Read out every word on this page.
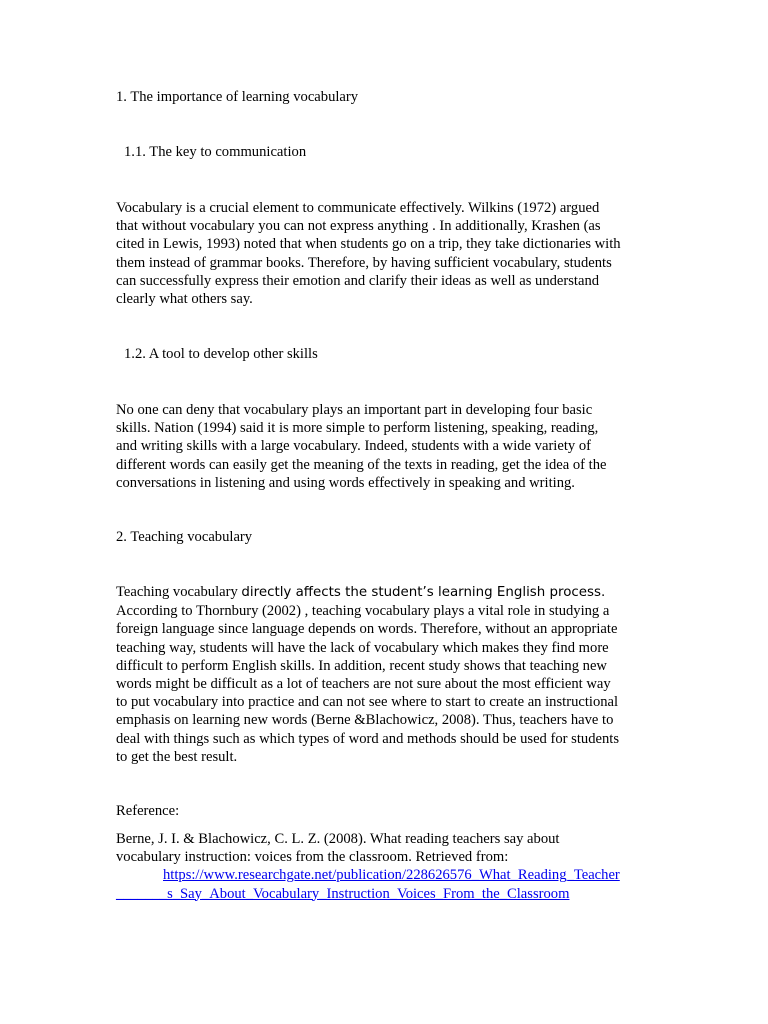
1. The importance of learning vocabulary

1.1. The key to communication

Vocabulary is a crucial element to communicate effectively. Wilkins (1972) argued
that without vocabulary you can not express anything . In additionally, Krashen (as
cited in Lewis, 1993) noted that when students go on a trip, they take dictionaries with
them instead of grammar books. Therefore, by having sufficient vocabulary, students
can successfully express their emotion and clarify their ideas as well as understand
clearly what others say.

1.2. A tool to develop other skills

No one can deny that vocabulary plays an important part in developing four basic
skills. Nation (1994) said it is more simple to perform listening, speaking, reading,
and writing skills with a large vocabulary. Indeed, students with a wide variety of
different words can easily get the meaning of the texts in reading, get the idea of the
conversations in listening and using words effectively in speaking and writing.

2. Teaching vocabulary

Teaching vocabulary directly affects the student’s learning English process.
According to Thornbury (2002) , teaching vocabulary plays a vital role in studying a
foreign language since language depends on words. Therefore, without an appropriate
teaching way, students will have the lack of vocabulary which makes they find more
difficult to perform English skills. In addition, recent study shows that teaching new
words might be difficult as a lot of teachers are not sure about the most efficient way
to put vocabulary into practice and can not see where to start to create an instructional
emphasis on learning new words (Berne &Blachowicz, 2008). Thus, teachers have to
deal with things such as which types of word and methods should be used for students
to get the best result.

Reference:

Berne, J. I. & Blachowicz, C. L. Z. (2008). What reading teachers say about
vocabulary instruction: voices from the classroom. Retrieved from:
https://www.researchgate.net/publication/228626576_What_Reading_Teacher
_______s_Say_About_Vocabulary_Instruction_Voices_From_the_Classroom
